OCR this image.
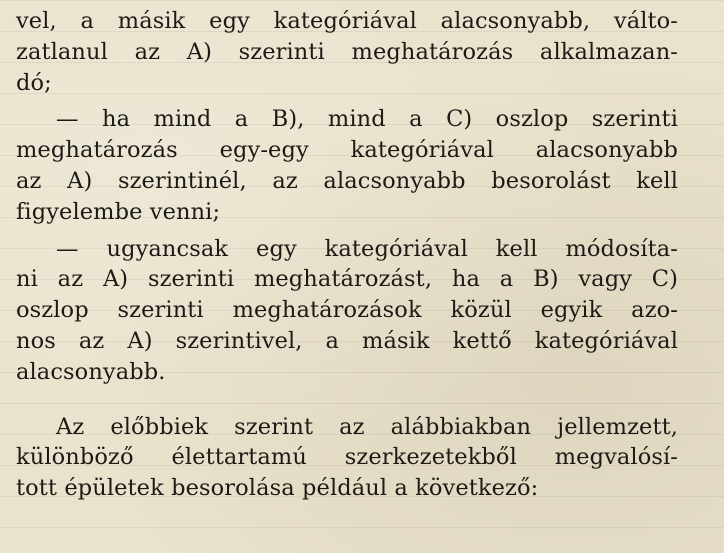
vel, a másik egy kategóriával alacsonyabb, válto-
zatlanul az A) szerinti meghatározás alkalmazan-
dó;

— ha mind a B), mind a C) oszlop szerinti
meghatározás egy-egy kategóriával alacsonyabb
az A) szerintinél, az alacsonyabb besorolást kell
figyelembe venni;

— ugyancsak egy kategóriával kell módosíta-
ni az A) szerinti meghatározást, ha a B) vagy C)
oszlop szerinti meghatározások közül egyik azo-
nos az A) szerintivel, a másik kettő kategóriával
alacsonyabb.

Az előbbiek szerint az alábbiakban jellemzett,
különböző élettartamú szerkezetekből megvalósí-
tott épületek besorolása például a következő:
